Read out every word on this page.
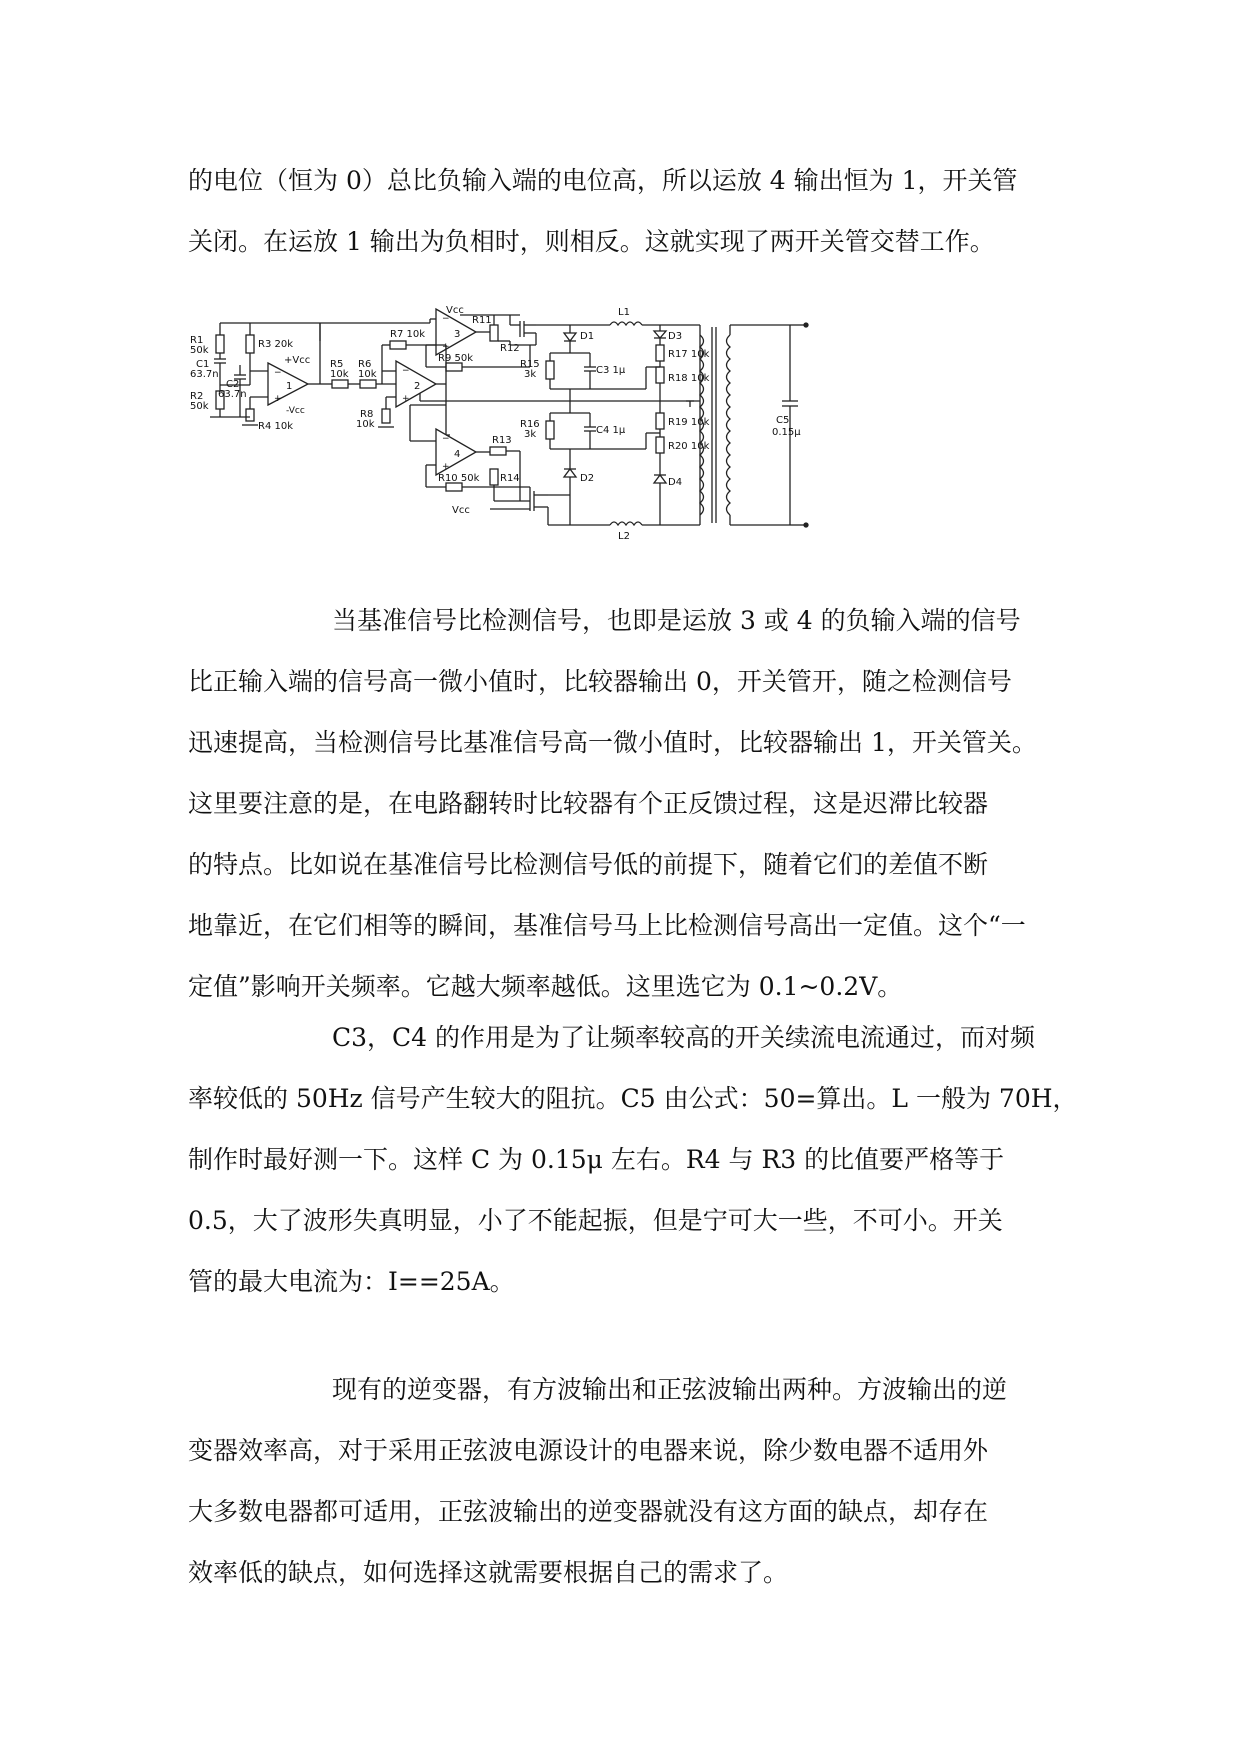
的电位（恒为 0）总比负输入端的电位高，所以运放 4 输出恒为 1，开关管

关闭。在运放 1 输出为负相时，则相反。这就实现了两开关管交替工作。

R1
50k
C1
63.7n
C2
63.7n
R2
50k
R3 20k
−
+
1
+Vcc
-Vcc
R4 10k
R5
10k
R6
10k	−
+
2
R7 10k
R8
10k
−
+
3
R9 50k
−
+
4
R10 50k
Vcc
R11
R12
R13
R14
Vcc
D1
R15
3k	C3 1μ
R16
3k	C4 1μ
D2
L1
L2
D3
R17 10k
R18 10k
R19 10k
R20 10k
D4
C5
0.15μ

当基准信号比检测信号，也即是运放 3 或 4 的负输入端的信号

比正输入端的信号高一微小值时，比较器输出 0，开关管开，随之检测信号

迅速提高，当检测信号比基准信号高一微小值时，比较器输出 1，开关管关。

这里要注意的是，在电路翻转时比较器有个正反馈过程，这是迟滞比较器

的特点。比如说在基准信号比检测信号低的前提下，随着它们的差值不断

地靠近，在它们相等的瞬间，基准信号马上比检测信号高出一定值。这个“一

定值”影响开关频率。它越大频率越低。这里选它为 0.1~0.2V。

C3，C4 的作用是为了让频率较高的开关续流电流通过，而对频

率较低的 50Hz 信号产生较大的阻抗。C5 由公式：50=算出。L 一般为 70H，

制作时最好测一下。这样 C 为 0.15μ 左右。R4 与 R3 的比值要严格等于

0.5，大了波形失真明显，小了不能起振，但是宁可大一些，不可小。开关

管的最大电流为：I==25A。

现有的逆变器，有方波输出和正弦波输出两种。方波输出的逆

变器效率高，对于采用正弦波电源设计的电器来说，除少数电器不适用外

大多数电器都可适用，正弦波输出的逆变器就没有这方面的缺点，却存在

效率低的缺点，如何选择这就需要根据自己的需求了。
